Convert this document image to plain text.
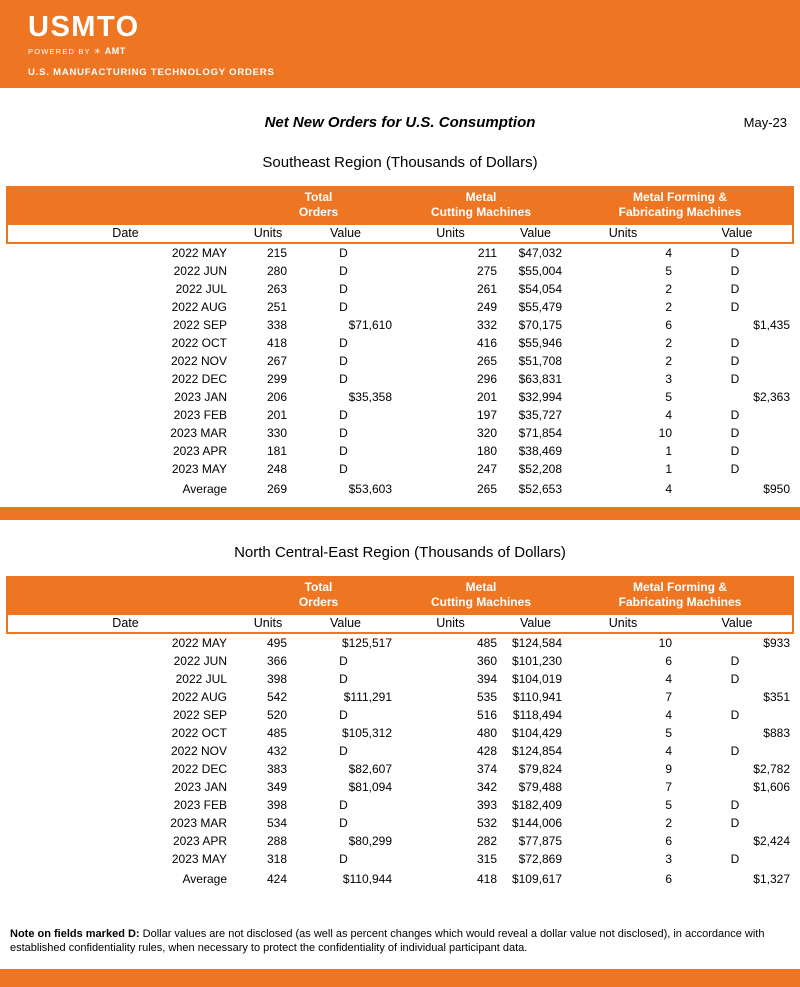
USMTO
POWERED BY ✳ AMT
U.S. MANUFACTURING TECHNOLOGY ORDERS
Net New Orders for U.S. Consumption	May-23
Southeast Region (Thousands of Dollars)
Total
Orders
Metal
Cutting Machines
Metal Forming &
Fabricating Machines
Date	Units	Value	Units	Value	Units	Value
2022 MAY	215	D	211	$47,032	4	D
2022 JUN	280	D	275	$55,004	5	D
2022 JUL	263	D	261	$54,054	2	D
2022 AUG	251	D	249	$55,479	2	D
2022 SEP	338	$71,610	332	$70,175	6	$1,435
2022 OCT	418	D	416	$55,946	2	D
2022 NOV	267	D	265	$51,708	2	D
2022 DEC	299	D	296	$63,831	3	D
2023 JAN	206	$35,358	201	$32,994	5	$2,363
2023 FEB	201	D	197	$35,727	4	D
2023 MAR	330	D	320	$71,854	10	D
2023 APR	181	D	180	$38,469	1	D
2023 MAY	248	D	247	$52,208	1	D
Average	269	$53,603	265	$52,653	4	$950
North Central-East Region (Thousands of Dollars)
Total
Orders
Metal
Cutting Machines
Metal Forming &
Fabricating Machines
Date	Units	Value	Units	Value	Units	Value
2022 MAY	495	$125,517	485	$124,584	10	$933
2022 JUN	366	D	360	$101,230	6	D
2022 JUL	398	D	394	$104,019	4	D
2022 AUG	542	$111,291	535	$110,941	7	$351
2022 SEP	520	D	516	$118,494	4	D
2022 OCT	485	$105,312	480	$104,429	5	$883
2022 NOV	432	D	428	$124,854	4	D
2022 DEC	383	$82,607	374	$79,824	9	$2,782
2023 JAN	349	$81,094	342	$79,488	7	$1,606
2023 FEB	398	D	393	$182,409	5	D
2023 MAR	534	D	532	$144,006	2	D
2023 APR	288	$80,299	282	$77,875	6	$2,424
2023 MAY	318	D	315	$72,869	3	D
Average	424	$110,944	418	$109,617	6	$1,327

Note on fields marked D: Dollar values are not disclosed (as well as percent changes which would reveal a dollar value not disclosed), in accordance with established confidentiality rules, when necessary to protect the confidentiality of individual participant data.
